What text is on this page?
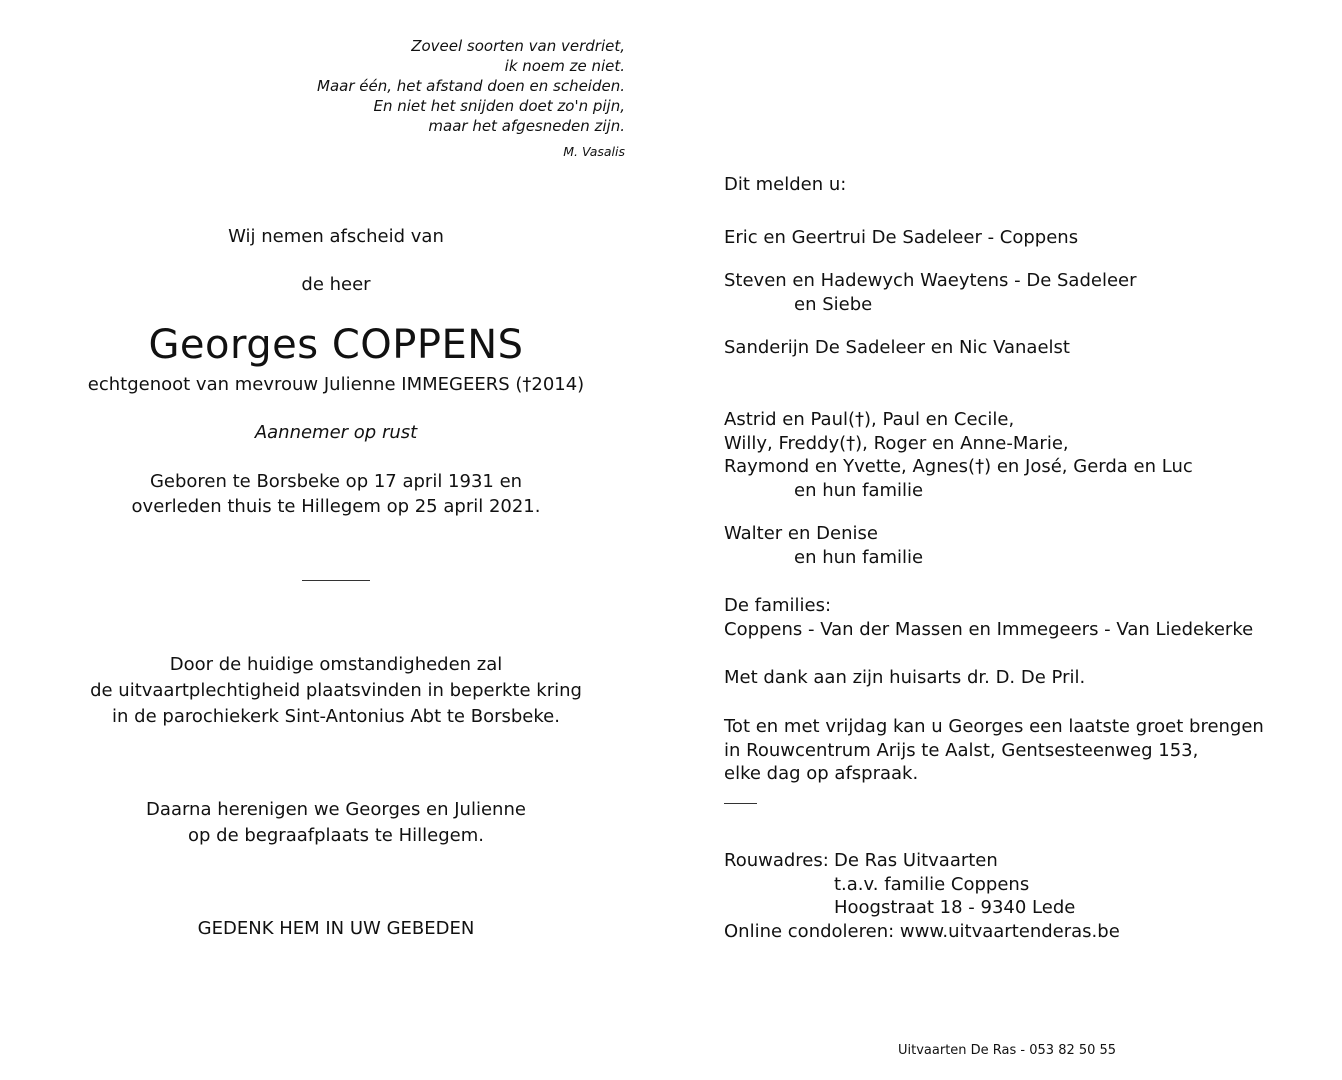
Zoveel soorten van verdriet,
ik noem ze niet.
Maar één, het afstand doen en scheiden.
En niet het snijden doet zo'n pijn,
maar het afgesneden zijn.
M. Vasalis
Wij nemen afscheid van
de heer
Georges COPPENS
echtgenoot van mevrouw Julienne IMMEGEERS (†2014)
Aannemer op rust
Geboren te Borsbeke op 17 april 1931 en
overleden thuis te Hillegem op 25 april 2021.
Door de huidige omstandigheden zal
de uitvaartplechtigheid plaatsvinden in beperkte kring
in de parochiekerk Sint-Antonius Abt te Borsbeke.
Daarna herenigen we Georges en Julienne
op de begraafplaats te Hillegem.
GEDENK HEM IN UW GEBEDEN
Dit melden u:
Eric en Geertrui De Sadeleer - Coppens
Steven en Hadewych Waeytens - De Sadeleer
en Siebe
Sanderijn De Sadeleer en Nic Vanaelst
Astrid en Paul(†), Paul en Cecile,
Willy, Freddy(†), Roger en Anne-Marie,
Raymond en Yvette, Agnes(†) en José, Gerda en Luc
en hun familie
Walter en Denise
en hun familie
De families:
Coppens - Van der Massen en Immegeers - Van Liedekerke
Met dank aan zijn huisarts dr. D. De Pril.
Tot en met vrijdag kan u Georges een laatste groet brengen
in Rouwcentrum Arijs te Aalst, Gentsesteenweg 153,
elke dag op afspraak.
Rouwadres: De Ras Uitvaarten
t.a.v. familie Coppens
Hoogstraat 18 - 9340 Lede
Online condoleren: www.uitvaartenderas.be
Uitvaarten De Ras - 053 82 50 55
